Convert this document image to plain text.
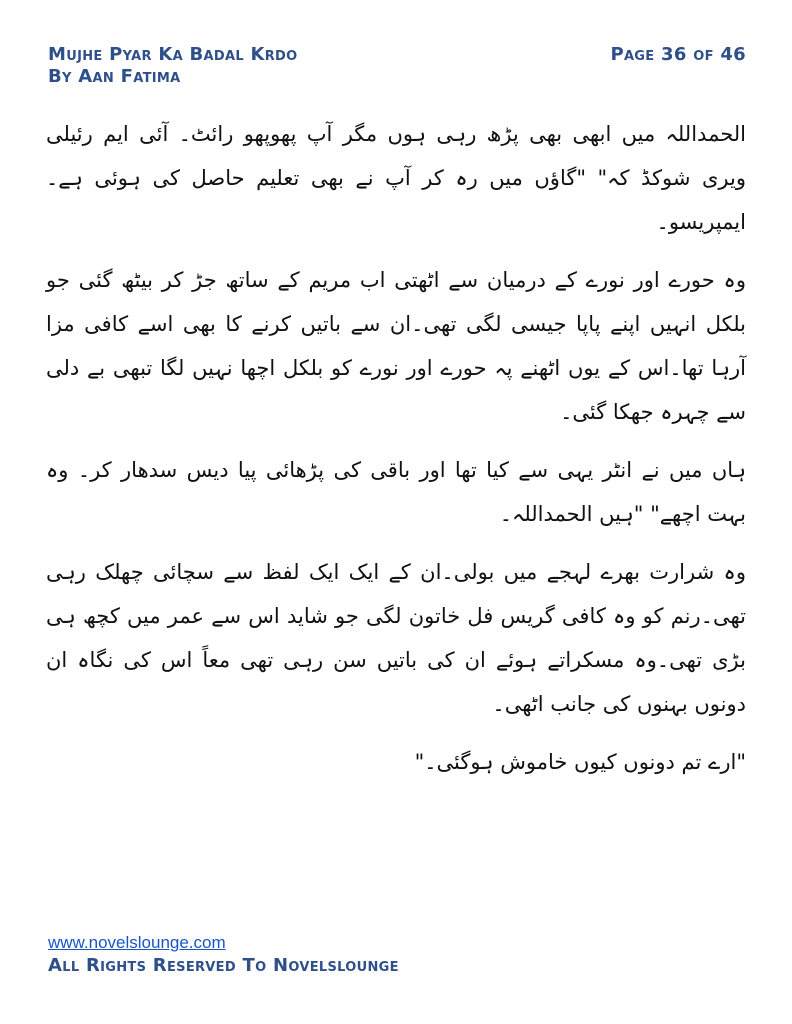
Mujhe Pyar Ka Badal Krdo
By Aan Fatima
Page 36 of 46

الحمداللہ میں ابھی بھی پڑھ رہی ہوں مگر آپ پھوپھو رائٹ۔ آئی ایم رئیلی ویری شوکڈ کہ" "گاؤں میں رہ کر آپ نے بھی تعلیم حاصل کی ہوئی ہے۔ایمپریسو۔

وہ حورے اور نورے کے درمیان سے اٹھتی اب مریم کے ساتھ جڑ کر بیٹھ گئی جو بلکل انہیں اپنے پاپا جیسی لگی تھی۔ان سے باتیں کرنے کا بھی اسے کافی مزا آرہا تھا۔اس کے یوں اٹھنے پہ حورے اور نورے کو بلکل اچھا نہیں لگا تبھی بے دلی سے چہرہ جھکا گئی۔

ہاں میں نے انٹر یہی سے کیا تھا اور باقی کی پڑھائی پیا دیس سدھار کر۔ وہ بہت اچھے" "ہیں الحمداللہ۔

وہ شرارت بھرے لہجے میں بولی۔ان کے ایک ایک لفظ سے سچائی چھلک رہی تھی۔رنم کو وہ کافی گریس فل خاتون لگی جو شاید اس سے عمر میں کچھ ہی بڑی تھی۔وہ مسکراتے ہوئے ان کی باتیں سن رہی تھی معاً اس کی نگاہ ان دونوں بہنوں کی جانب اٹھی۔

"ارے تم دونوں کیوں خاموش ہوگئی۔"

www.novelslounge.com
All Rights Reserved To Novelslounge
